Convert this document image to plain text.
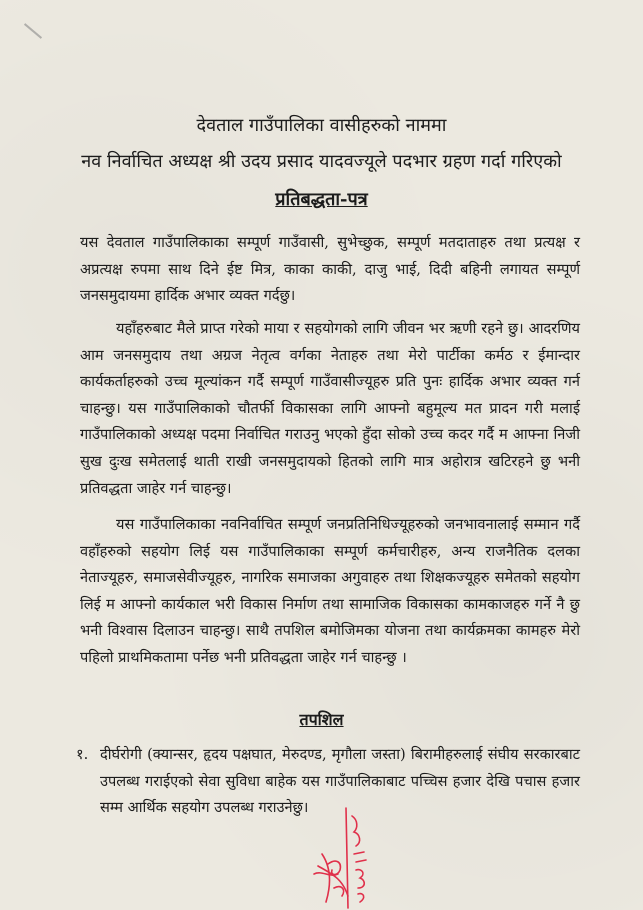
देवताल गाउँपालिका वासीहरुको नाममा
नव निर्वाचित अध्यक्ष श्री उदय प्रसाद यादवज्यूले पदभार ग्रहण गर्दा गरिएको
प्रतिबद्धता-पत्र
यस देवताल गाउँपालिकाका सम्पूर्ण गाउँवासी, सुभेच्छुक, सम्पूर्ण मतदाताहरु तथा प्रत्यक्ष र अप्रत्यक्ष रुपमा साथ दिने ईष्ट मित्र, काका काकी, दाजु भाई, दिदी बहिनी लगायत सम्पूर्ण जनसमुदायमा हार्दिक अभार व्यक्त गर्दछु।
यहाँहरुबाट मैले प्राप्त गरेको माया र सहयोगको लागि जीवन भर ऋणी रहने छु। आदरणिय आम जनसमुदाय तथा अग्रज नेतृत्व वर्गका नेताहरु तथा मेरो पार्टीका कर्मठ र ईमान्दार कार्यकर्ताहरुको उच्च मूल्यांकन गर्दै सम्पूर्ण गाउँवासीज्यूहरु प्रति पुनः हार्दिक अभार व्यक्त गर्न चाहन्छु। यस गाउँपालिकाको चौतर्फी विकासका लागि आफ्नो बहुमूल्य मत प्रादन गरी मलाई गाउँपालिकाको अध्यक्ष पदमा निर्वाचित गराउनु भएको हुँदा सोको उच्च कदर गर्दै म आफ्ना निजी सुख दुःख समेतलाई थाती राखी जनसमुदायको हितको लागि मात्र अहोरात्र खटिरहने छु भनी प्रतिवद्धता जाहेर गर्न चाहन्छु।
यस गाउँपालिकाका नवनिर्वाचित सम्पूर्ण जनप्रतिनिधिज्यूहरुको जनभावनालाई सम्मान गर्दै वहाँहरुको सहयोग लिई यस गाउँपालिकाका सम्पूर्ण कर्मचारीहरु, अन्य राजनैतिक दलका नेताज्यूहरु, समाजसेवीज्यूहरु, नागरिक समाजका अगुवाहरु तथा शिक्षकज्यूहरु समेतको सहयोग लिई म आफ्नो कार्यकाल भरी विकास निर्माण तथा सामाजिक विकासका कामकाजहरु गर्ने नै छु भनी विश्वास दिलाउन चाहन्छु। साथै तपशिल बमोजिमका योजना तथा कार्यक्रमका कामहरु मेरो पहिलो प्राथमिकतामा पर्नेछ भनी प्रतिवद्धता जाहेर गर्न चाहन्छु ।
तपशिल
१. दीर्घरोगी (क्यान्सर, हृदय पक्षघात, मेरुदण्ड, मृगौला जस्ता) बिरामीहरुलाई संघीय सरकारबाट उपलब्ध गराईएको सेवा सुविधा बाहेक यस गाउँपालिकाबाट पच्चिस हजार देखि पचास हजार सम्म आर्थिक सहयोग उपलब्ध गराउनेछु।
